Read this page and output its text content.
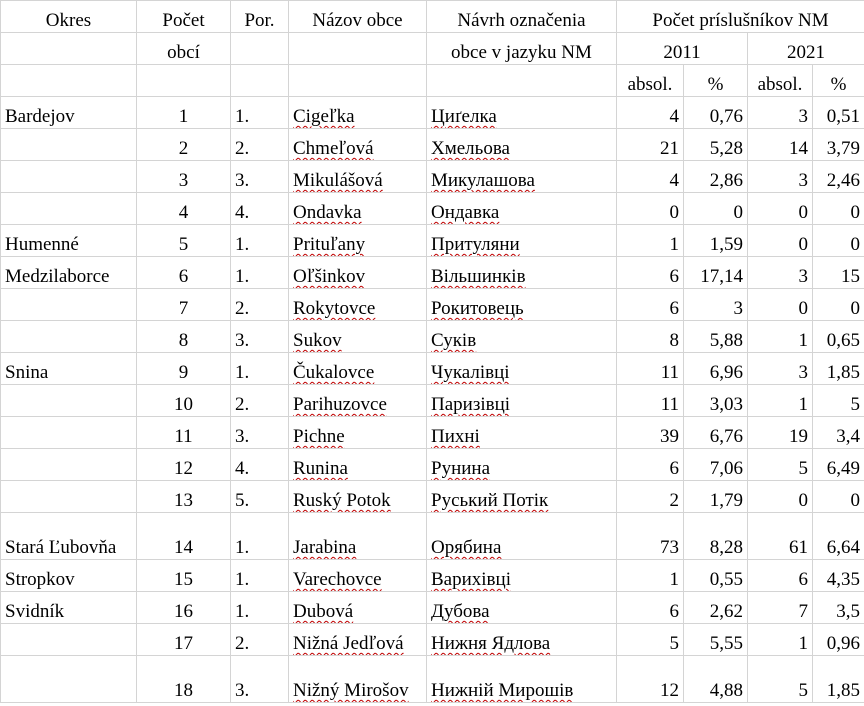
Okres	Počet	Por.	Názov obce	Návrh označenia	Počet príslušníkov NM			
	obcí			obce v jazyku NM	2011		2021	
					absol.	%	absol.	%
Bardejov	1	1.	Cigeľka	Циґелка	4	0,76	3	0,51
	2	2.	Chmeľová	Хмельова	21	5,28	14	3,79
	3	3.	Mikulášová	Микулашова	4	2,86	3	2,46
	4	4.	Ondavka	Ондавка	0	0	0	0
Humenné	5	1.	Prituľany	Притуляни	1	1,59	0	0
Medzilaborce	6	1.	Oľšinkov	Вільшинків	6	17,14	3	15
	7	2.	Rokytovce	Рокитовець	6	3	0	0
	8	3.	Sukov	Суків	8	5,88	1	0,65
Snina	9	1.	Čukalovce	Чукалівці	11	6,96	3	1,85
	10	2.	Parihuzovce	Паризівці	11	3,03	1	5
	11	3.	Pichne	Пихні	39	6,76	19	3,4
	12	4.	Runina	Рунина	6	7,06	5	6,49
	13	5.	Ruský Potok	Руський Потік	2	1,79	0	0
Stará Ľubovňa	14	1.	Jarabina	Орябина	73	8,28	61	6,64
Stropkov	15	1.	Varechovce	Варихівці	1	0,55	6	4,35
Svidník	16	1.	Dubová	Дубова	6	2,62	7	3,5
	17	2.	Nižná Jedľová	Нижня Ядлова	5	5,55	1	0,96
	18	3.	Nižný Mirošov	Нижній Мирошів	12	4,88	5	1,85
